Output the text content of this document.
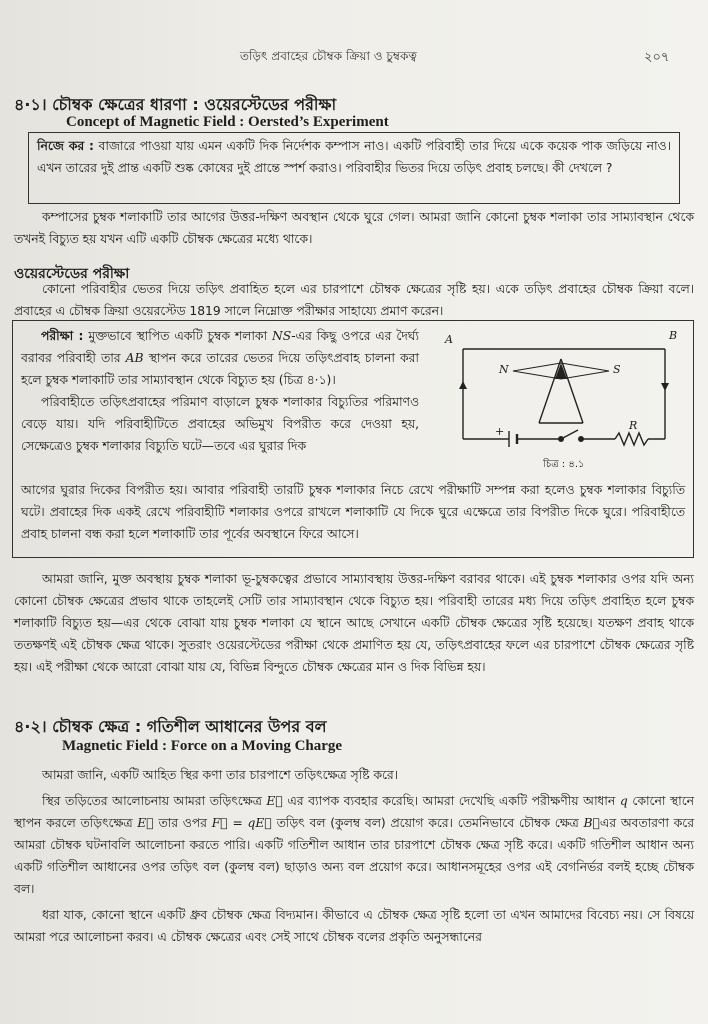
তড়িৎ প্রবাহের চৌম্বক ক্রিয়া ও চুম্বকত্ব	২০৭
৪·১। চৌম্বক ক্ষেত্রের ধারণা : ওয়েরস্টেডের পরীক্ষা
Concept of Magnetic Field : Oersted’s Experiment
নিজে কর : বাজারে পাওয়া যায় এমন একটি দিক নির্দেশক কম্পাস নাও। একটি পরিবাহী তার দিয়ে একে কয়েক পাক জড়িয়ে নাও। এখন তারের দুই প্রান্ত একটি শুষ্ক কোষের দুই প্রান্তে স্পর্শ করাও। পরিবাহীর ভিতর দিয়ে তড়িৎ প্রবাহ চলছে। কী দেখলে ?
কম্পাসের চুম্বক শলাকাটি তার আগের উত্তর-দক্ষিণ অবস্থান থেকে ঘুরে গেল। আমরা জানি কোনো চুম্বক শলাকা তার সাম্যাবস্থান থেকে তখনই বিচ্যুত হয় যখন এটি একটি চৌম্বক ক্ষেত্রের মধ্যে থাকে।
ওয়েরস্টেডের পরীক্ষা
কোনো পরিবাহীর ভেতর দিয়ে তড়িৎ প্রবাহিত হলে এর চারপাশে চৌম্বক ক্ষেত্রের সৃষ্টি হয়। একে তড়িৎ প্রবাহের চৌম্বক ক্রিয়া বলে। প্রবাহের এ চৌম্বক ক্রিয়া ওয়েরস্টেড 1819 সালে নিম্নোক্ত পরীক্ষার সাহায্যে প্রমাণ করেন।
পরীক্ষা : মুক্তভাবে স্থাপিত একটি চুম্বক শলাকা NS-এর কিছু ওপরে এর দৈর্ঘ্য বরাবর পরিবাহী তার AB স্থাপন করে তারের ভেতর দিয়ে তড়িৎপ্রবাহ চালনা করা হলে চুম্বক শলাকাটি তার সাম্যাবস্থান থেকে বিচ্যুত হয় (চিত্র ৪·১)।
পরিবাহীতে তড়িৎপ্রবাহের পরিমাণ বাড়ালে চুম্বক শলাকার বিচ্যুতির পরিমাণও বেড়ে যায়। যদি পরিবাহীটিতে প্রবাহের অভিমুখ বিপরীত করে দেওয়া হয়, সেক্ষেত্রেও চুম্বক শলাকার বিচ্যুতি ঘটে—তবে এর ঘুরার দিক
A	B
N	S
R
+
চিত্র : ৪.১
আগের ঘুরার দিকের বিপরীত হয়। আবার পরিবাহী তারটি চুম্বক শলাকার নিচে রেখে পরীক্ষাটি সম্পন্ন করা হলেও চুম্বক শলাকার বিচ্যুতি ঘটে। প্রবাহের দিক একই রেখে পরিবাহীটি শলাকার ওপরে রাখলে শলাকাটি যে দিকে ঘুরে এক্ষেত্রে তার বিপরীত দিকে ঘুরে। পরিবাহীতে প্রবাহ চালনা বন্ধ করা হলে শলাকাটি তার পূর্বের অবস্থানে ফিরে আসে।
আমরা জানি, মুক্ত অবস্থায় চুম্বক শলাকা ভূ-চুম্বকত্বের প্রভাবে সাম্যাবস্থায় উত্তর-দক্ষিণ বরাবর থাকে। এই চুম্বক শলাকার ওপর যদি অন্য কোনো চৌম্বক ক্ষেত্রের প্রভাব থাকে তাহলেই সেটি তার সাম্যাবস্থান থেকে বিচ্যুত হয়। পরিবাহী তারের মধ্য দিয়ে তড়িৎ প্রবাহিত হলে চুম্বক শলাকাটি বিচ্যুত হয়—এর থেকে বোঝা যায় চুম্বক শলাকা যে স্থানে আছে সেখানে একটি চৌম্বক ক্ষেত্রের সৃষ্টি হয়েছে। যতক্ষণ প্রবাহ থাকে ততক্ষণই এই চৌম্বক ক্ষেত্র থাকে। সুতরাং ওয়েরস্টেডের পরীক্ষা থেকে প্রমাণিত হয় যে, তড়িৎপ্রবাহের ফলে এর চারপাশে চৌম্বক ক্ষেত্রের সৃষ্টি হয়। এই পরীক্ষা থেকে আরো বোঝা যায় যে, বিভিন্ন বিন্দুতে চৌম্বক ক্ষেত্রের মান ও দিক বিভিন্ন হয়।
৪·২। চৌম্বক ক্ষেত্র : গতিশীল আধানের উপর বল
Magnetic Field : Force on a Moving Charge
আমরা জানি, একটি আহিত স্থির কণা তার চারপাশে তড়িৎক্ষেত্র সৃষ্টি করে।
স্থির তড়িতের আলোচনায় আমরা তড়িৎক্ষেত্র E⃗ এর ব্যাপক ব্যবহার করেছি। আমরা দেখেছি একটি পরীক্ষণীয় আধান q কোনো স্থানে স্থাপন করলে তড়িৎক্ষেত্র E⃗ তার ওপর F⃗ = qE⃗ তড়িৎ বল (কুলম্ব বল) প্রয়োগ করে। তেমনিভাবে চৌম্বক ক্ষেত্র B⃗এর অবতারণা করে আমরা চৌম্বক ঘটনাবলি আলোচনা করতে পারি। একটি গতিশীল আধান তার চারপাশে চৌম্বক ক্ষেত্র সৃষ্টি করে। একটি গতিশীল আধান অন্য একটি গতিশীল আধানের ওপর তড়িৎ বল (কুলম্ব বল) ছাড়াও অন্য বল প্রয়োগ করে। আধানসমূহের ওপর এই বেগনির্ভর বলই হচ্ছে চৌম্বক বল।
ধরা যাক, কোনো স্থানে একটি ধ্রুব চৌম্বক ক্ষেত্র বিদ্যমান। কীভাবে এ চৌম্বক ক্ষেত্র সৃষ্টি হলো তা এখন আমাদের বিবেচ্য নয়। সে বিষয়ে আমরা পরে আলোচনা করব। এ চৌম্বক ক্ষেত্রের এবং সেই সাথে চৌম্বক বলের প্রকৃতি অনুসন্ধানের
